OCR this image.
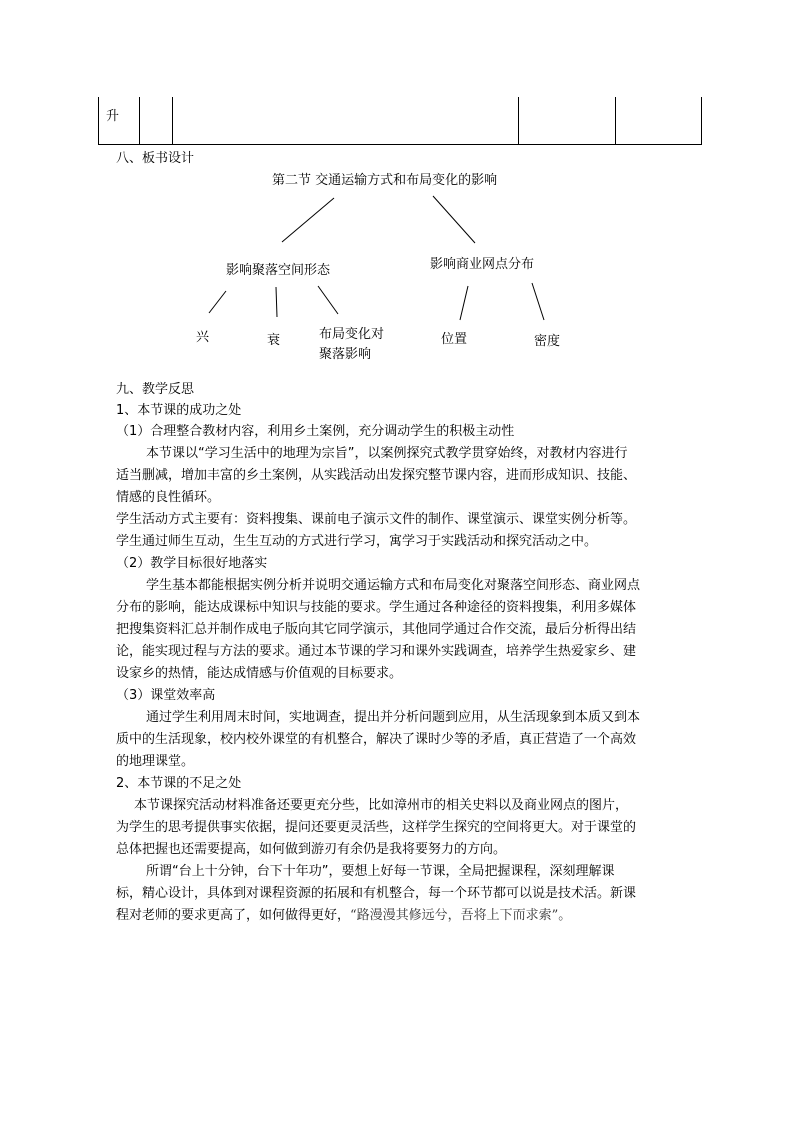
升
八、板书设计
第二节 交通运输方式和布局变化的影响
影响聚落空间形态	影响商业网点分布
兴	衰	布局变化对
聚落影响
位置	密度
九、教学反思
1、本节课的成功之处
（1）合理整合教材内容，利用乡土案例，充分调动学生的积极主动性
本节课以“学习生活中的地理为宗旨”，以案例探究式教学贯穿始终，对教材内容进行
适当删减，增加丰富的乡土案例，从实践活动出发探究整节课内容，进而形成知识、技能、
情感的良性循环。
学生活动方式主要有：资料搜集、课前电子演示文件的制作、课堂演示、课堂实例分析等。
学生通过师生互动，生生互动的方式进行学习，寓学习于实践活动和探究活动之中。
（2）教学目标很好地落实
学生基本都能根据实例分析并说明交通运输方式和布局变化对聚落空间形态、商业网点
分布的影响，能达成课标中知识与技能的要求。学生通过各种途径的资料搜集，利用多媒体
把搜集资料汇总并制作成电子版向其它同学演示，其他同学通过合作交流，最后分析得出结
论，能实现过程与方法的要求。通过本节课的学习和课外实践调查，培养学生热爱家乡、建
设家乡的热情，能达成情感与价值观的目标要求。
（3）课堂效率高
通过学生利用周末时间，实地调查，提出并分析问题到应用，从生活现象到本质又到本
质中的生活现象，校内校外课堂的有机整合，解决了课时少等的矛盾，真正营造了一个高效
的地理课堂。
2、本节课的不足之处
本节课探究活动材料准备还要更充分些，比如漳州市的相关史料以及商业网点的图片，
为学生的思考提供事实依据，提问还要更灵活些，这样学生探究的空间将更大。对于课堂的
总体把握也还需要提高，如何做到游刃有余仍是我将要努力的方向。
所谓“台上十分钟，台下十年功”，要想上好每一节课，全局把握课程，深刻理解课
标，精心设计，具体到对课程资源的拓展和有机整合，每一个环节都可以说是技术活。新课
程对老师的要求更高了，如何做得更好，“路漫漫其修远兮，吾将上下而求索”。
